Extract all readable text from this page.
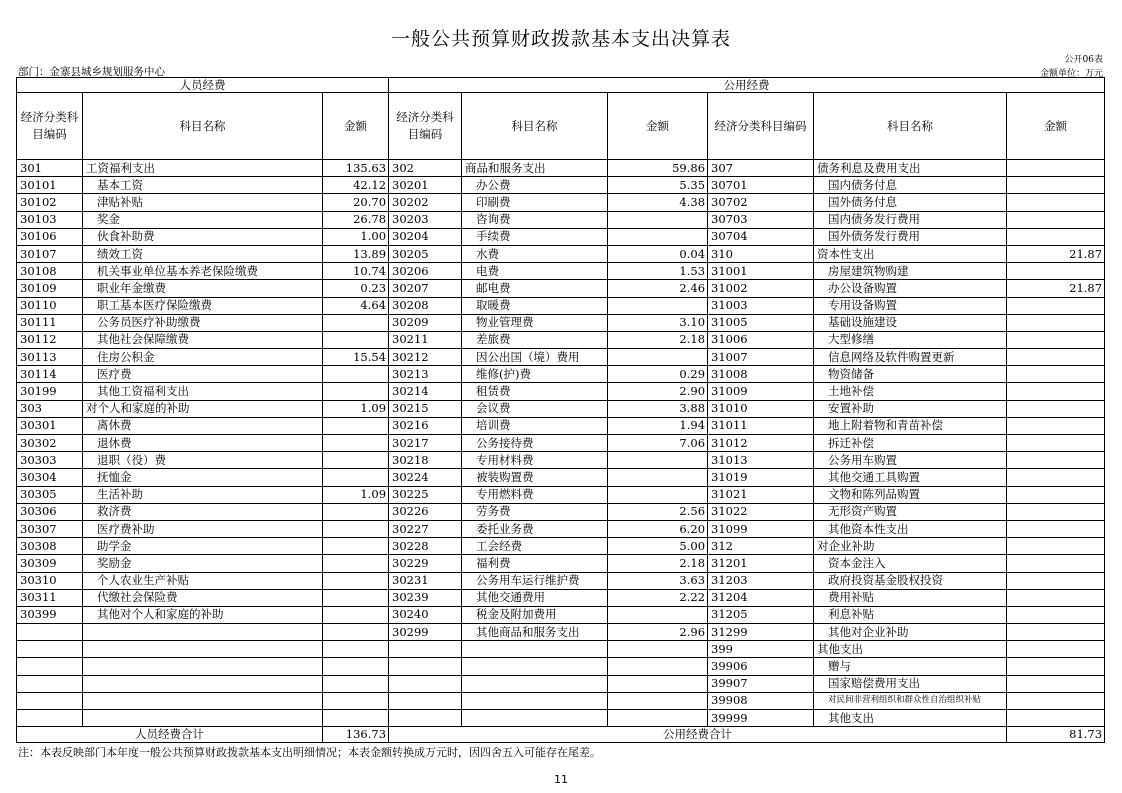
一般公共预算财政拨款基本支出决算表
公开06表
部门：金寨县城乡规划服务中心	金额单位：万元
人员经费			公用经费					
经济分类科目编码	科目名称	金额	经济分类科目编码	科目名称	金额	经济分类科目编码	科目名称	金额
301	工资福利支出	135.63	302	商品和服务支出	59.86	307	债务利息及费用支出	
30101	基本工资	42.12	30201	办公费	5.35	30701	国内债务付息	
30102	津贴补贴	20.70	30202	印刷费	4.38	30702	国外债务付息	
30103	奖金	26.78	30203	咨询费		30703	国内债务发行费用	
30106	伙食补助费	1.00	30204	手续费		30704	国外债务发行费用	
30107	绩效工资	13.89	30205	水费	0.04	310	资本性支出	21.87
30108	机关事业单位基本养老保险缴费	10.74	30206	电费	1.53	31001	房屋建筑物购建	
30109	职业年金缴费	0.23	30207	邮电费	2.46	31002	办公设备购置	21.87
30110	职工基本医疗保险缴费	4.64	30208	取暖费		31003	专用设备购置	
30111	公务员医疗补助缴费		30209	物业管理费	3.10	31005	基础设施建设	
30112	其他社会保障缴费		30211	差旅费	2.18	31006	大型修缮	
30113	住房公积金	15.54	30212	因公出国（境）费用		31007	信息网络及软件购置更新	
30114	医疗费		30213	维修(护)费	0.29	31008	物资储备	
30199	其他工资福利支出		30214	租赁费	2.90	31009	土地补偿	
303	对个人和家庭的补助	1.09	30215	会议费	3.88	31010	安置补助	
30301	离休费		30216	培训费	1.94	31011	地上附着物和青苗补偿	
30302	退休费		30217	公务接待费	7.06	31012	拆迁补偿	
30303	退职（役）费		30218	专用材料费		31013	公务用车购置	
30304	抚恤金		30224	被装购置费		31019	其他交通工具购置	
30305	生活补助	1.09	30225	专用燃料费		31021	文物和陈列品购置	
30306	救济费		30226	劳务费	2.56	31022	无形资产购置	
30307	医疗费补助		30227	委托业务费	6.20	31099	其他资本性支出	
30308	助学金		30228	工会经费	5.00	312	对企业补助	
30309	奖励金		30229	福利费	2.18	31201	资本金注入	
30310	个人农业生产补贴		30231	公务用车运行维护费	3.63	31203	政府投资基金股权投资	
30311	代缴社会保险费		30239	其他交通费用	2.22	31204	费用补贴	
30399	其他对个人和家庭的补助		30240	税金及附加费用		31205	利息补贴	
			30299	其他商品和服务支出	2.96	31299	其他对企业补助	
						399	其他支出	
						39906	赠与	
						39907	国家赔偿费用支出	
						39908	对民间非营利组织和群众性自治组织补贴	
						39999	其他支出	
人员经费合计		136.73	公用经费合计					81.73
注：本表反映部门本年度一般公共预算财政拨款基本支出明细情况；本表金额转换成万元时，因四舍五入可能存在尾差。
11
